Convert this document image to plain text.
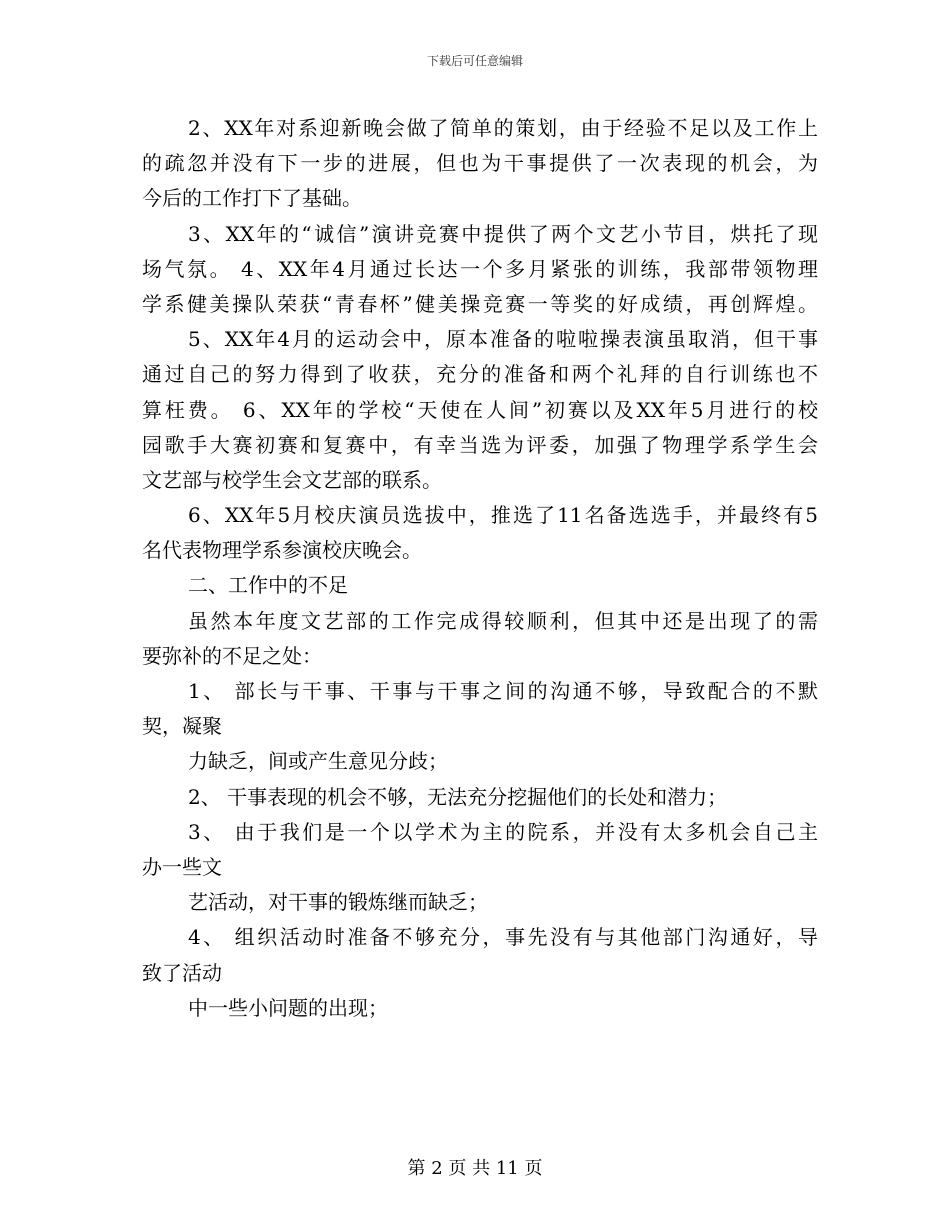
下载后可任意编辑
2、XX年对系迎新晚会做了简单的策划，由于经验不足以及工作上
的疏忽并没有下一步的进展，但也为干事提供了一次表现的机会，为
今后的工作打下了基础。
3、XX年的“诚信”演讲竞赛中提供了两个文艺小节目，烘托了现
场气氛。 4、XX年4月通过长达一个多月紧张的训练，我部带领物理
学系健美操队荣获“青春杯”健美操竞赛一等奖的好成绩，再创辉煌。
5、XX年4月的运动会中，原本准备的啦啦操表演虽取消，但干事
通过自己的努力得到了收获，充分的准备和两个礼拜的自行训练也不
算枉费。 6、XX年的学校“天使在人间”初赛以及XX年5月进行的校
园歌手大赛初赛和复赛中，有幸当选为评委，加强了物理学系学生会
文艺部与校学生会文艺部的联系。
6、XX年5月校庆演员选拔中，推选了11名备选选手，并最终有5
名代表物理学系参演校庆晚会。
二、工作中的不足
虽然本年度文艺部的工作完成得较顺利，但其中还是出现了的需
要弥补的不足之处：
1、 部长与干事、干事与干事之间的沟通不够，导致配合的不默
契，凝聚
力缺乏，间或产生意见分歧；
2、 干事表现的机会不够，无法充分挖掘他们的长处和潜力；
3、 由于我们是一个以学术为主的院系，并没有太多机会自己主
办一些文
艺活动，对干事的锻炼继而缺乏；
4、 组织活动时准备不够充分，事先没有与其他部门沟通好，导
致了活动
中一些小问题的出现；
第 2 页 共 11 页
